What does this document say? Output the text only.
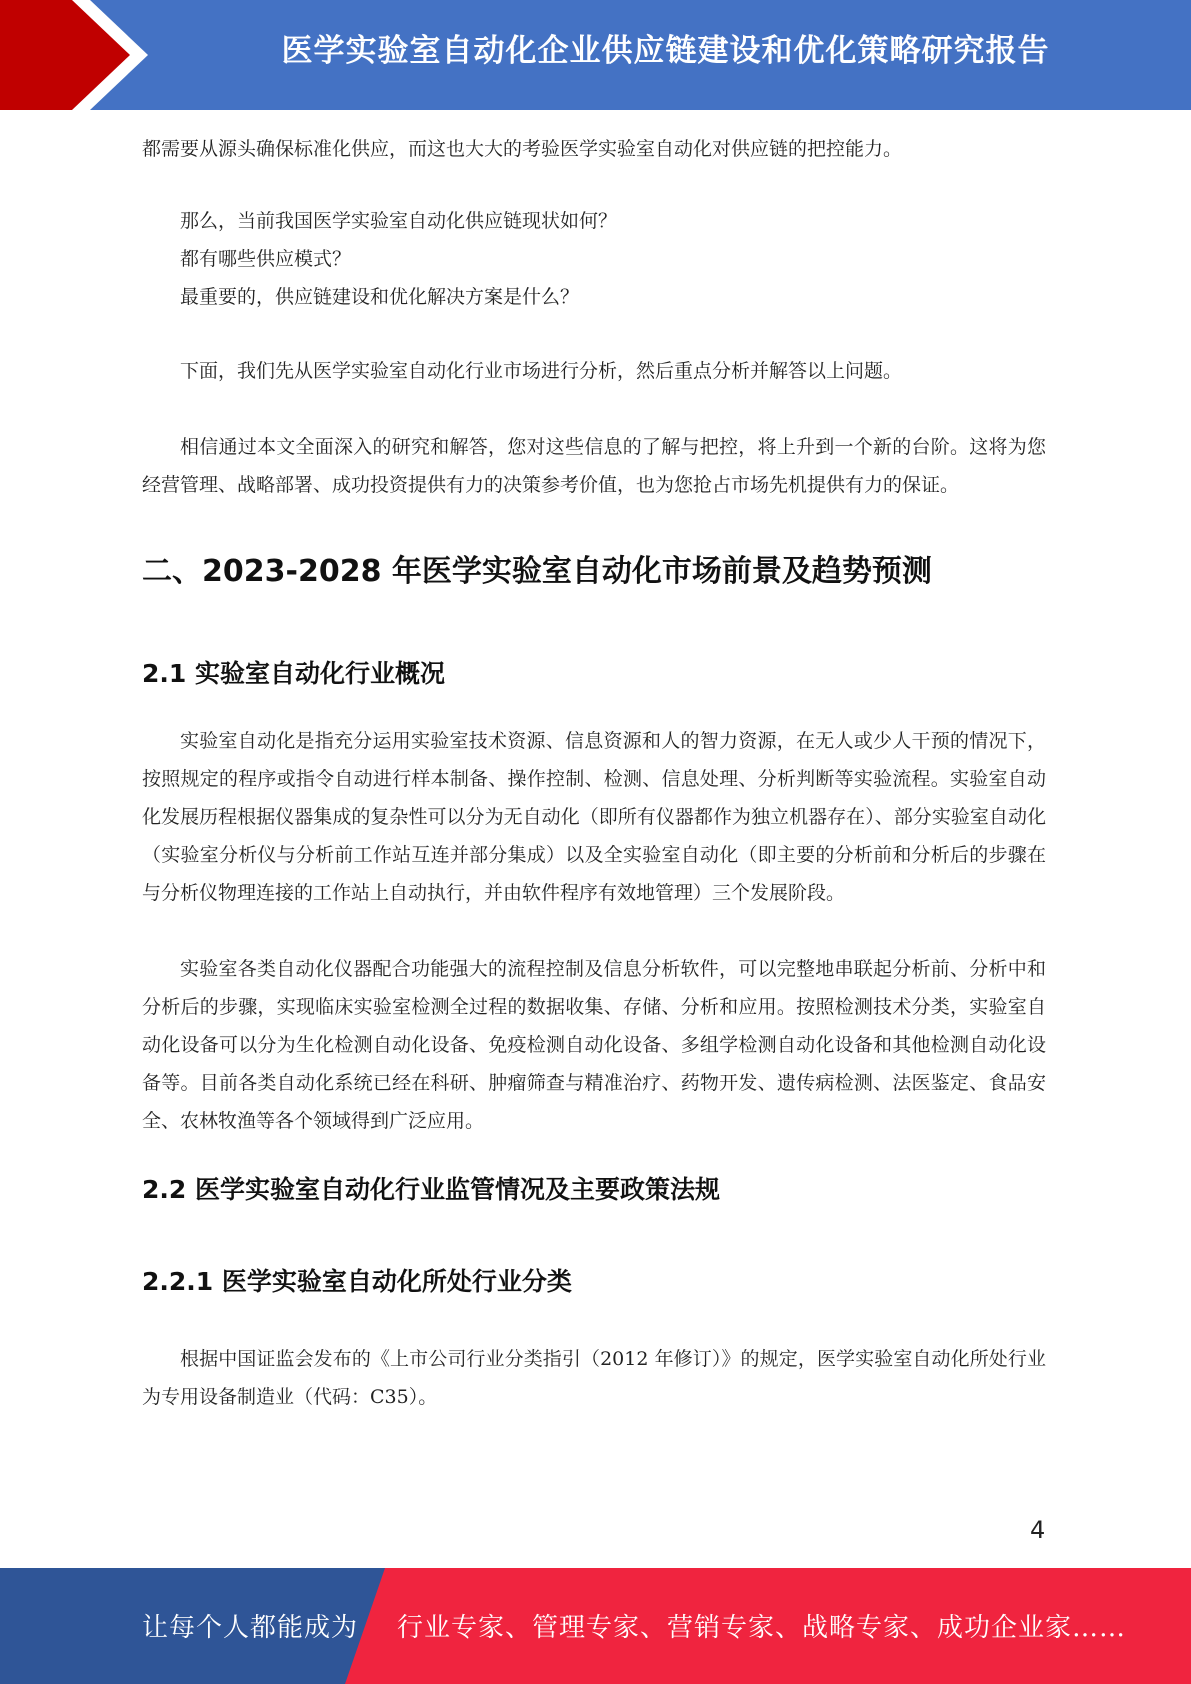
医学实验室自动化企业供应链建设和优化策略研究报告

都需要从源头确保标准化供应，而这也大大的考验医学实验室自动化对供应链的把控能力。

那么，当前我国医学实验室自动化供应链现状如何？

都有哪些供应模式？

最重要的，供应链建设和优化解决方案是什么？

下面，我们先从医学实验室自动化行业市场进行分析，然后重点分析并解答以上问题。

相信通过本文全面深入的研究和解答，您对这些信息的了解与把控，将上升到一个新的台阶。这将为您经营管理、战略部署、成功投资提供有力的决策参考价值，也为您抢占市场先机提供有力的保证。

二、2023-2028 年医学实验室自动化市场前景及趋势预测
2.1 实验室自动化行业概况

实验室自动化是指充分运用实验室技术资源、信息资源和人的智力资源，在无人或少人干预的情况下，按照规定的程序或指令自动进行样本制备、操作控制、检测、信息处理、分析判断等实验流程。实验室自动化发展历程根据仪器集成的复杂性可以分为无自动化（即所有仪器都作为独立机器存在）、部分实验室自动化（实验室分析仪与分析前工作站互连并部分集成）以及全实验室自动化（即主要的分析前和分析后的步骤在与分析仪物理连接的工作站上自动执行，并由软件程序有效地管理）三个发展阶段。

实验室各类自动化仪器配合功能强大的流程控制及信息分析软件，可以完整地串联起分析前、分析中和分析后的步骤，实现临床实验室检测全过程的数据收集、存储、分析和应用。按照检测技术分类，实验室自动化设备可以分为生化检测自动化设备、免疫检测自动化设备、多组学检测自动化设备和其他检测自动化设备等。目前各类自动化系统已经在科研、肿瘤筛查与精准治疗、药物开发、遗传病检测、法医鉴定、食品安全、农林牧渔等各个领域得到广泛应用。

2.2 医学实验室自动化行业监管情况及主要政策法规
2.2.1 医学实验室自动化所处行业分类

根据中国证监会发布的《上市公司行业分类指引（2012 年修订）》的规定，医学实验室自动化所处行业为专用设备制造业（代码：C35）。

4
让每个人都能成为 行业专家、管理专家、营销专家、战略专家、成功企业家……
